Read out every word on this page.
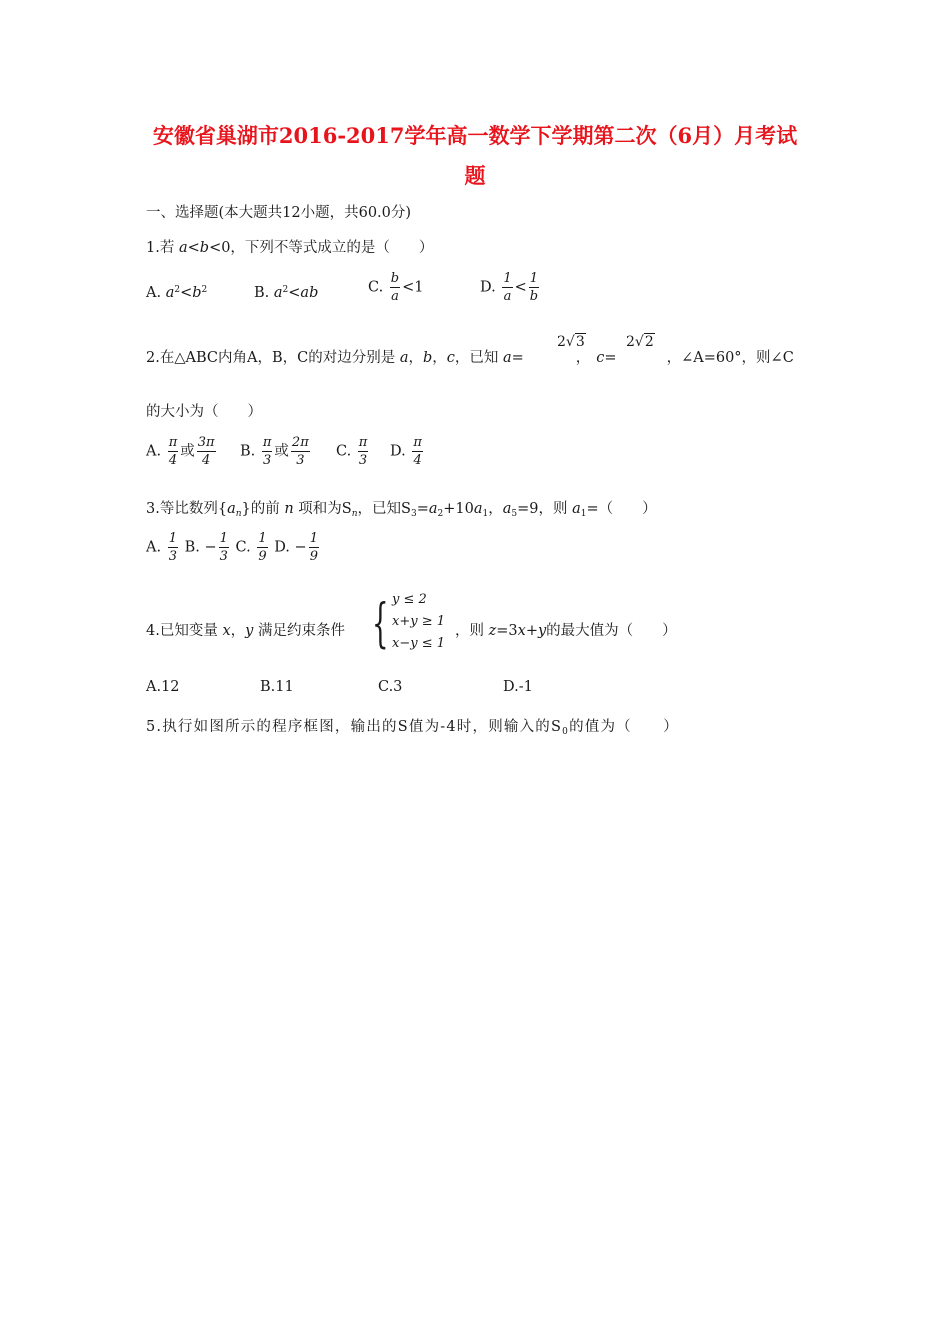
安徽省巢湖市2016-2017学年高一数学下学期第二次（6月）月考试
题
一、选择题(本大题共12小题，共60.0分)
1.若 a<b<0，下列不等式成立的是（　　）
A. $a^2<b^2$	B. $a^2<ab$	C. $\frac{b}{a} <1$	D. $\frac{1}{a} < \frac{1}{b}$
2.在△ABC内角A，B，C的对边分别是 a，b，c，已知 a=	， c=	，∠A=60°，则∠C
2√3	2√2
的大小为（　　）
A. $\frac{\pi}{4}$ 或 $\frac{3\pi}{4} B$. $\frac{\pi}{3}$ 或 $\frac{2\pi}{3} C$. $\frac{\pi}{3} D$. $\frac{\pi}{4}$
3.等比数列$\{a_n\}$的前 n 项和为$S_n$，已知$S_3=a_2+10a_1$，$a_5=9$，则 $a_1=$（　　）
A. $\frac{1}{3} B$. − $\frac{1}{3} C$. $\frac{1}{9} D$. − $\frac{1}{9}$
4.已知变量 x，y 满足约束条件 { y ≤ 2
x+y ≥ 1
x−y ≤ 1
，则 z=3x+y的最大值为（　　）
A.12	B.11	C.3	D.-1
5.执行如图所示的程序框图，输出的S值为-4时，则输入的$S_0$的值为（　　）
